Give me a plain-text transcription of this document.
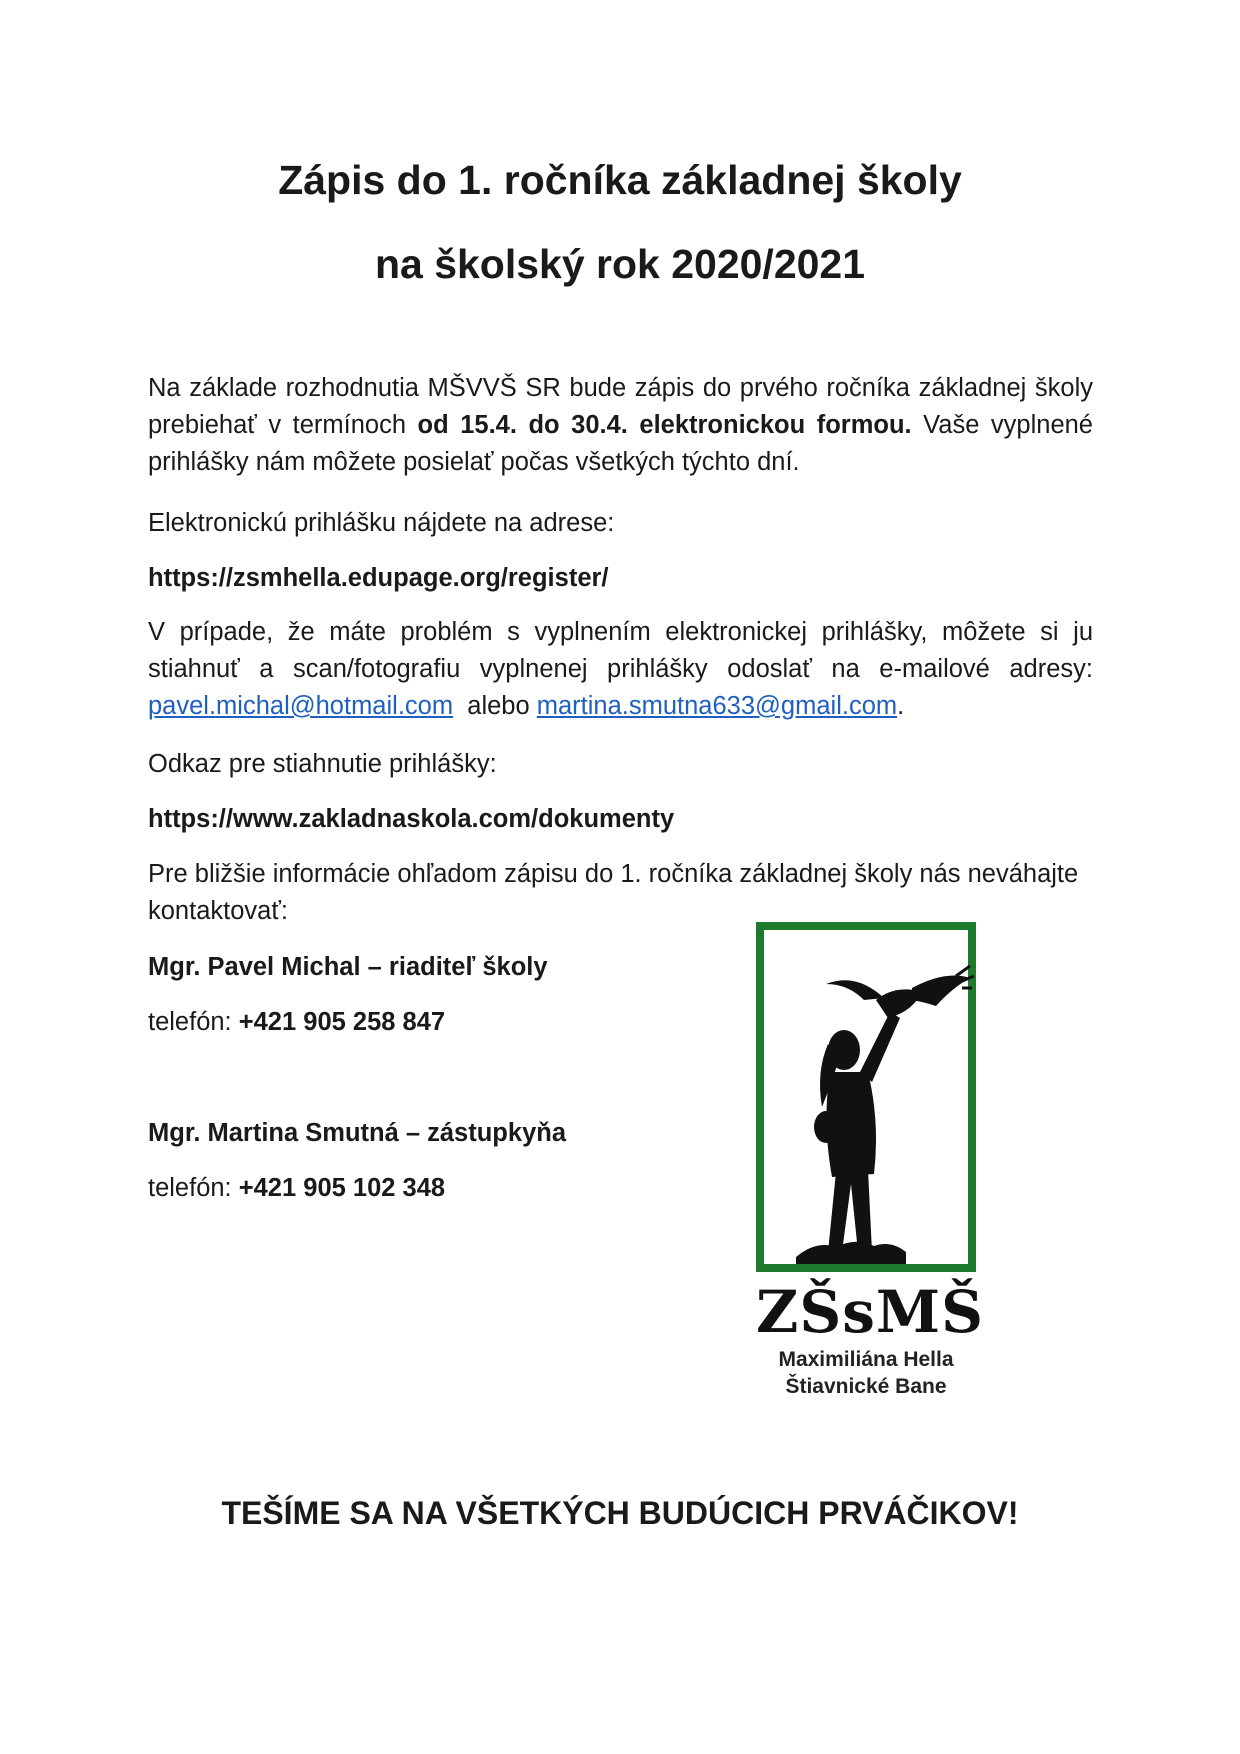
Zápis do 1. ročníka základnej školy
na školský rok 2020/2021

Na základe rozhodnutia MŠVVŠ SR bude zápis do prvého ročníka základnej školy prebiehať v termínoch od 15.4. do 30.4. elektronickou formou. Vaše vyplnené prihlášky nám môžete posielať počas všetkých týchto dní.

Elektronickú prihlášku nájdete na adrese:

https://zsmhella.edupage.org/register/

V prípade, že máte problém s vyplnením elektronickej prihlášky, môžete si ju stiahnuť a scan/fotografiu vyplnenej prihlášky odoslať na e-mailové adresy: pavel.michal@hotmail.com  alebo martina.smutna633@gmail.com.

Odkaz pre stiahnutie prihlášky:

https://www.zakladnaskola.com/dokumenty

Pre bližšie informácie ohľadom zápisu do 1. ročníka základnej školy nás neváhajte kontaktovať:

Mgr. Pavel Michal – riaditeľ školy

telefón: +421 905 258 847

Mgr. Martina Smutná – zástupkyňa

telefón: +421 905 102 348

ZŠsMŠ
Maximiliána Hella
Štiavnické Bane

TEŠÍME SA NA VŠETKÝCH BUDÚCICH PRVÁČIKOV!
